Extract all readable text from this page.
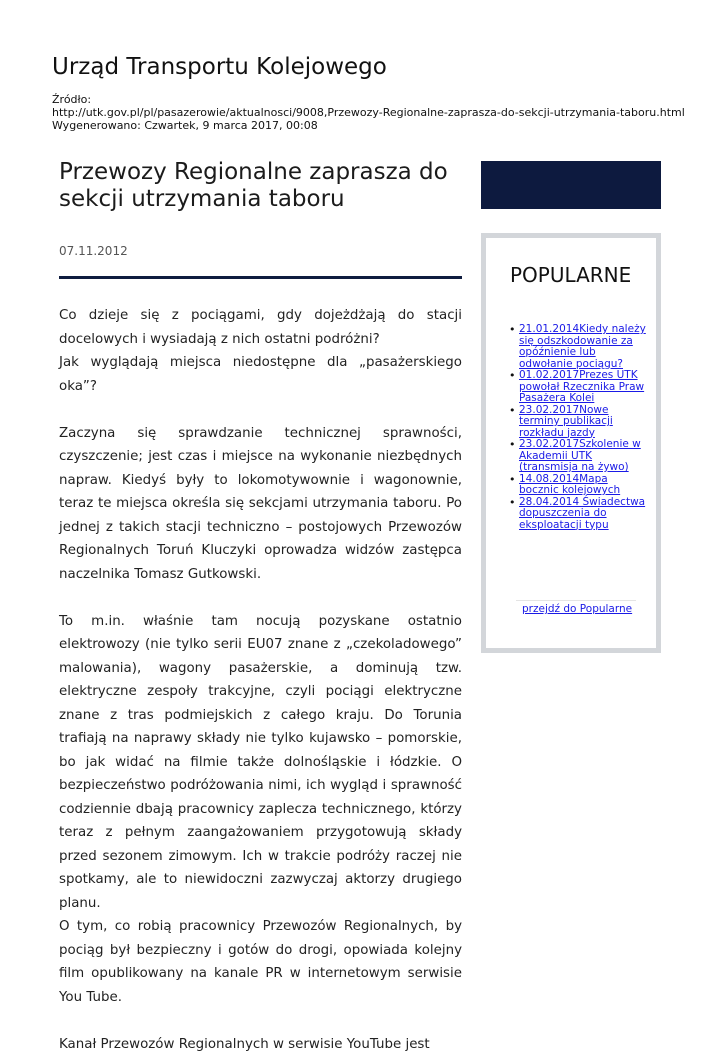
Urząd Transportu Kolejowego
Źródło:
http://utk.gov.pl/pl/pasazerowie/aktualnosci/9008,Przewozy-Regionalne-zaprasza-do-sekcji-utrzymania-taboru.html
Wygenerowano: Czwartek, 9 marca 2017, 00:08
Przewozy Regionalne zaprasza do sekcji utrzymania taboru
07.11.2012

Co dzieje się z pociągami, gdy dojeżdżają do stacji docelowych i wysiadają z nich ostatni podróżni?

Jak wyglądają miejsca niedostępne dla „pasażerskiego oka”?

Zaczyna się sprawdzanie technicznej sprawności, czyszczenie; jest czas i miejsce na wykonanie niezbędnych napraw. Kiedyś były to lokomotywownie i wagonownie, teraz te miejsca określa się sekcjami utrzymania taboru. Po jednej z takich stacji techniczno – postojowych Przewozów Regionalnych Toruń Kluczyki oprowadza widzów zastępca naczelnika Tomasz Gutkowski.

To m.in. właśnie tam nocują pozyskane ostatnio elektrowozy (nie tylko serii EU07 znane z „czekoladowego” malowania), wagony pasażerskie, a dominują tzw. elektryczne zespoły trakcyjne, czyli pociągi elektryczne znane z tras podmiejskich z całego kraju. Do Torunia trafiają na naprawy składy nie tylko kujawsko – pomorskie, bo jak widać na filmie także dolnośląskie i łódzkie. O bezpieczeństwo podróżowania nimi, ich wygląd i sprawność codziennie dbają pracownicy zaplecza technicznego, którzy teraz z pełnym zaangażowaniem przygotowują składy przed sezonem zimowym. Ich w trakcie podróży raczej nie spotkamy, ale to niewidoczni zazwyczaj aktorzy drugiego planu.

O tym, co robią pracownicy Przewozów Regionalnych, by pociąg był bezpieczny i gotów do drogi, opowiada kolejny film opublikowany na kanale PR w internetowym serwisie You Tube.

Kanał Przewozów Regionalnych w serwisie YouTube jest

POPULARNE
• 21.01.2014Kiedy należy się odszkodowanie za opóźnienie lub odwołanie pociągu?
• 01.02.2017Prezes UTK powołał Rzecznika Praw Pasażera Kolei
• 23.02.2017Nowe terminy publikacji rozkładu jazdy
• 23.02.2017Szkolenie w Akademii UTK (transmisja na żywo)
• 14.08.2014Mapa bocznic kolejowych
• 28.04.2014 Świadectwa dopuszczenia do eksploatacji typu
przejdź do Popularne
